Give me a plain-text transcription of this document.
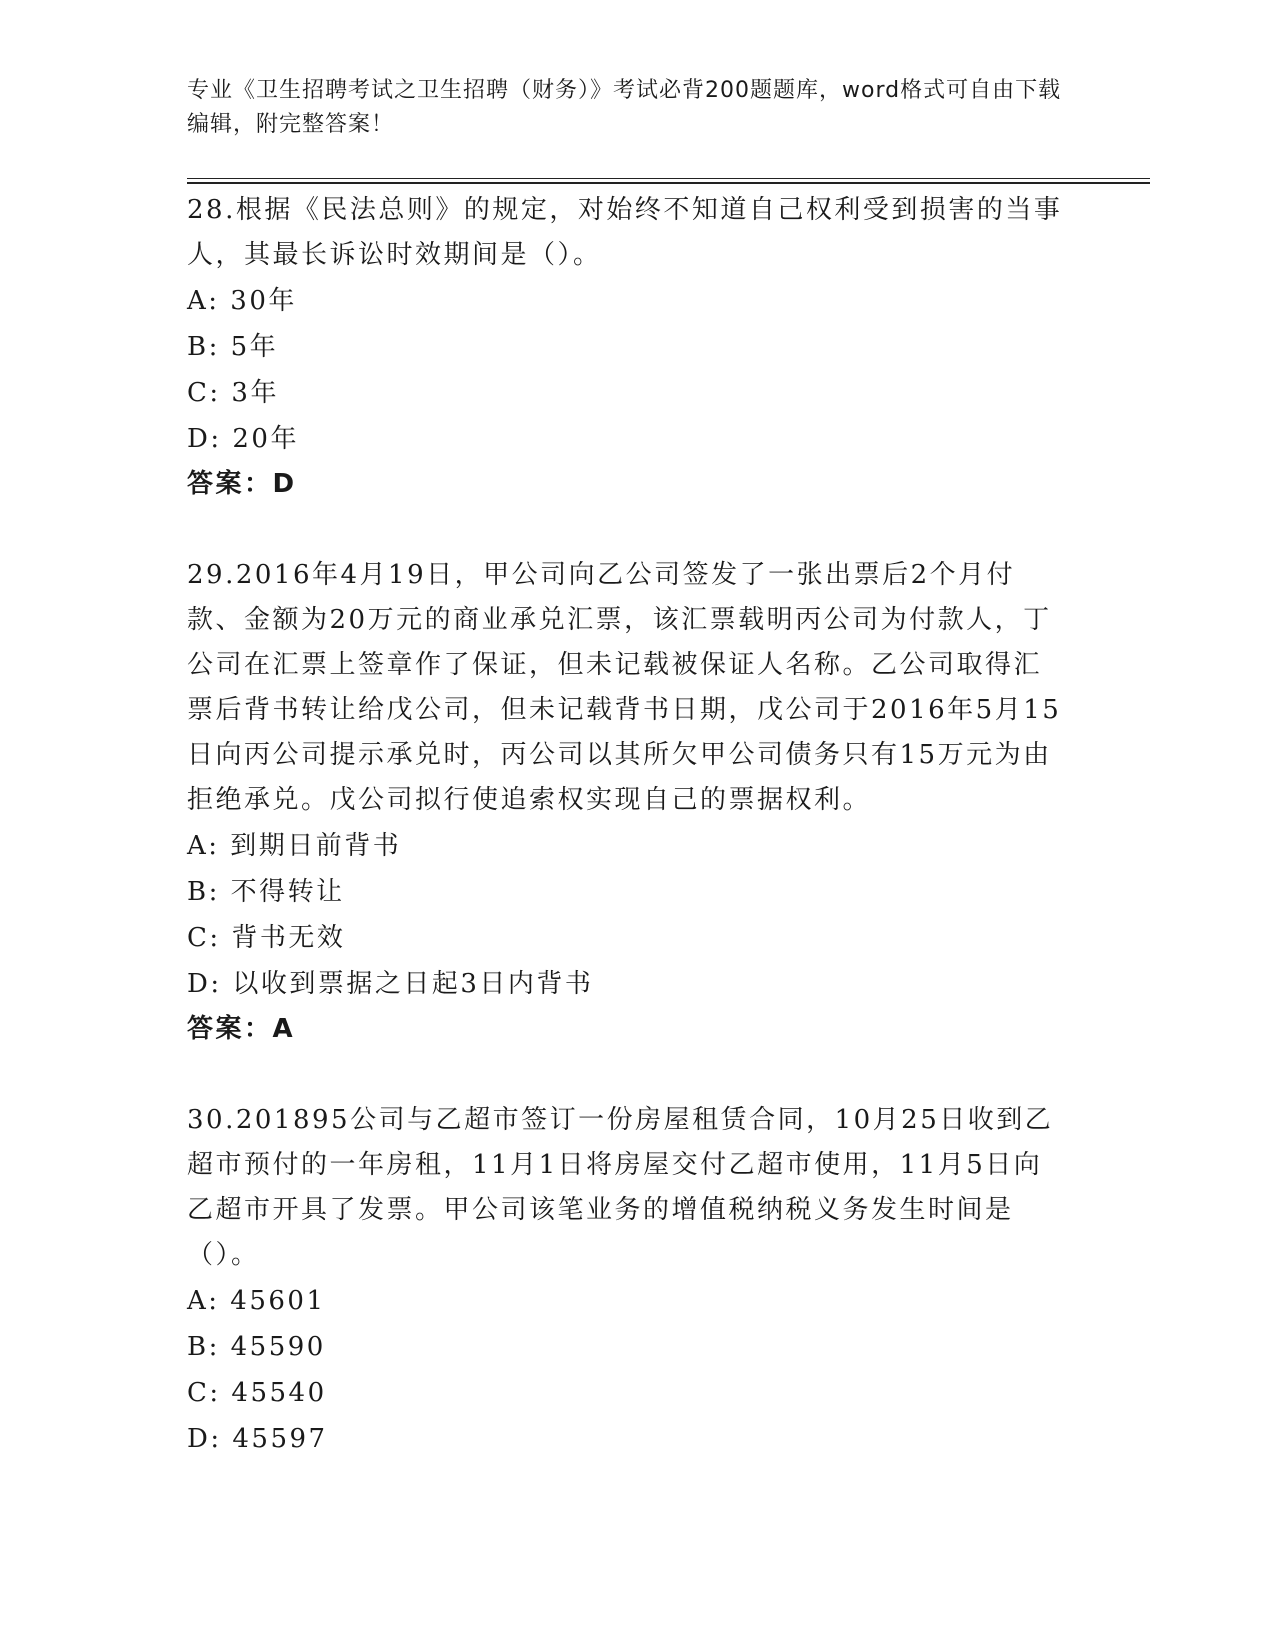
专业《卫生招聘考试之卫生招聘（财务）》考试必背200题题库，word格式可自由下载编辑，附完整答案！
28.根据《民法总则》的规定，对始终不知道自己权利受到损害的当事人，其最长诉讼时效期间是（）。
A: 30年
B: 5年
C: 3年
D: 20年
答案：D
29.2016年4月19日，甲公司向乙公司签发了一张出票后2个月付款、金额为20万元的商业承兑汇票，该汇票载明丙公司为付款人，丁公司在汇票上签章作了保证，但未记载被保证人名称。乙公司取得汇票后背书转让给戊公司，但未记载背书日期，戊公司于2016年5月15日向丙公司提示承兑时，丙公司以其所欠甲公司债务只有15万元为由拒绝承兑。戊公司拟行使追索权实现自己的票据权利。
A: 到期日前背书
B: 不得转让
C: 背书无效
D: 以收到票据之日起3日内背书
答案：A
30.201895公司与乙超市签订一份房屋租赁合同，10月25日收到乙超市预付的一年房租，11月1日将房屋交付乙超市使用，11月5日向乙超市开具了发票。甲公司该笔业务的增值税纳税义务发生时间是（）。
A: 45601
B: 45590
C: 45540
D: 45597
